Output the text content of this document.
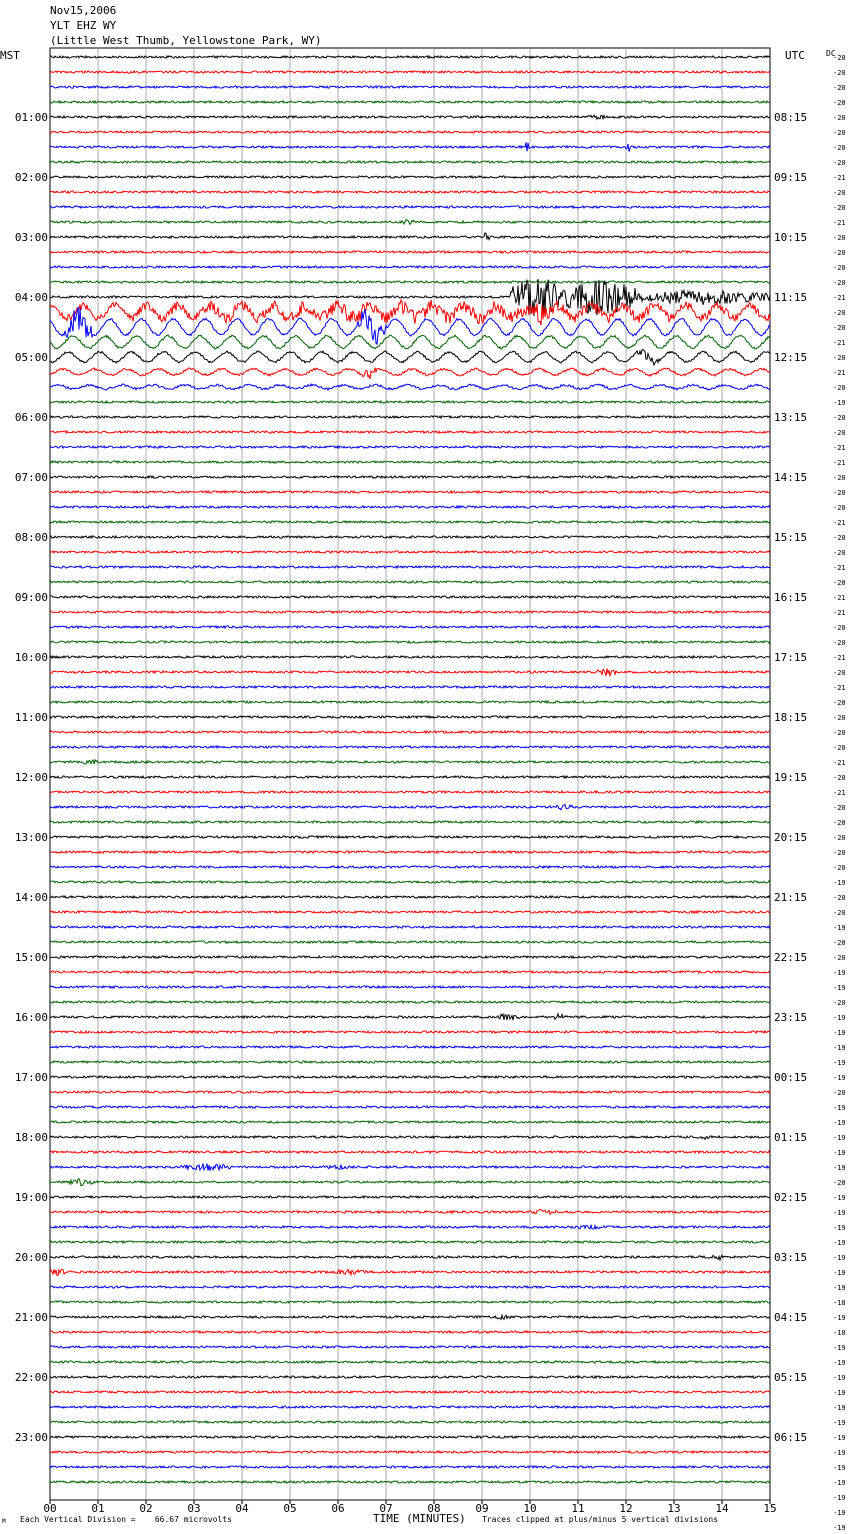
Nov15,2006
YLT EHZ WY
(Little West Thumb, Yellowstone Park, WY)
MST	UTC	DC
00	01	02	03	04	05	06	07	08	09	10	11	12	13	14	15
01:00
02:00
03:00
04:00
05:00
06:00
07:00
08:00
09:00
10:00
11:00
12:00
13:00
14:00
15:00
16:00
17:00
18:00
19:00
20:00
21:00
22:00
23:00
08:15
09:15
10:15
11:15
12:15
13:15
14:15
15:15
16:15
17:15
18:15
19:15
20:15
21:15
22:15
23:15
00:15
01:15
02:15
03:15
04:15
05:15
06:15
-20
-20
-20
-20
-20
-20
-20
-20
-21
-20
-20
-21
-20
-20
-20
-20
-21
-20
-20
-21
-20
-21
-20
-19
-20
-20
-21
-21
-20
-20
-20
-21
-20
-20
-21
-20
-21
-21
-20
-20
-21
-20
-21
-20
-20
-20
-20
-21
-20
-21
-20
-20
-20
-20
-20
-19
-20
-20
-19
-20
-20
-19
-19
-20
-19
-19
-19
-19
-19
-20
-19
-19
-19
-19
-19
-20
-19
-19
-19
-19
-19
-19
-19
-18
-19
-18
-19
-19
-19
-19
-19
-19
-19
-19
-19
-19
-19
-19
-19
M Each Vertical Division =    66.67 microvolts	TIME (MINUTES) Traces clipped at plus/minus 5 vertical divisions
